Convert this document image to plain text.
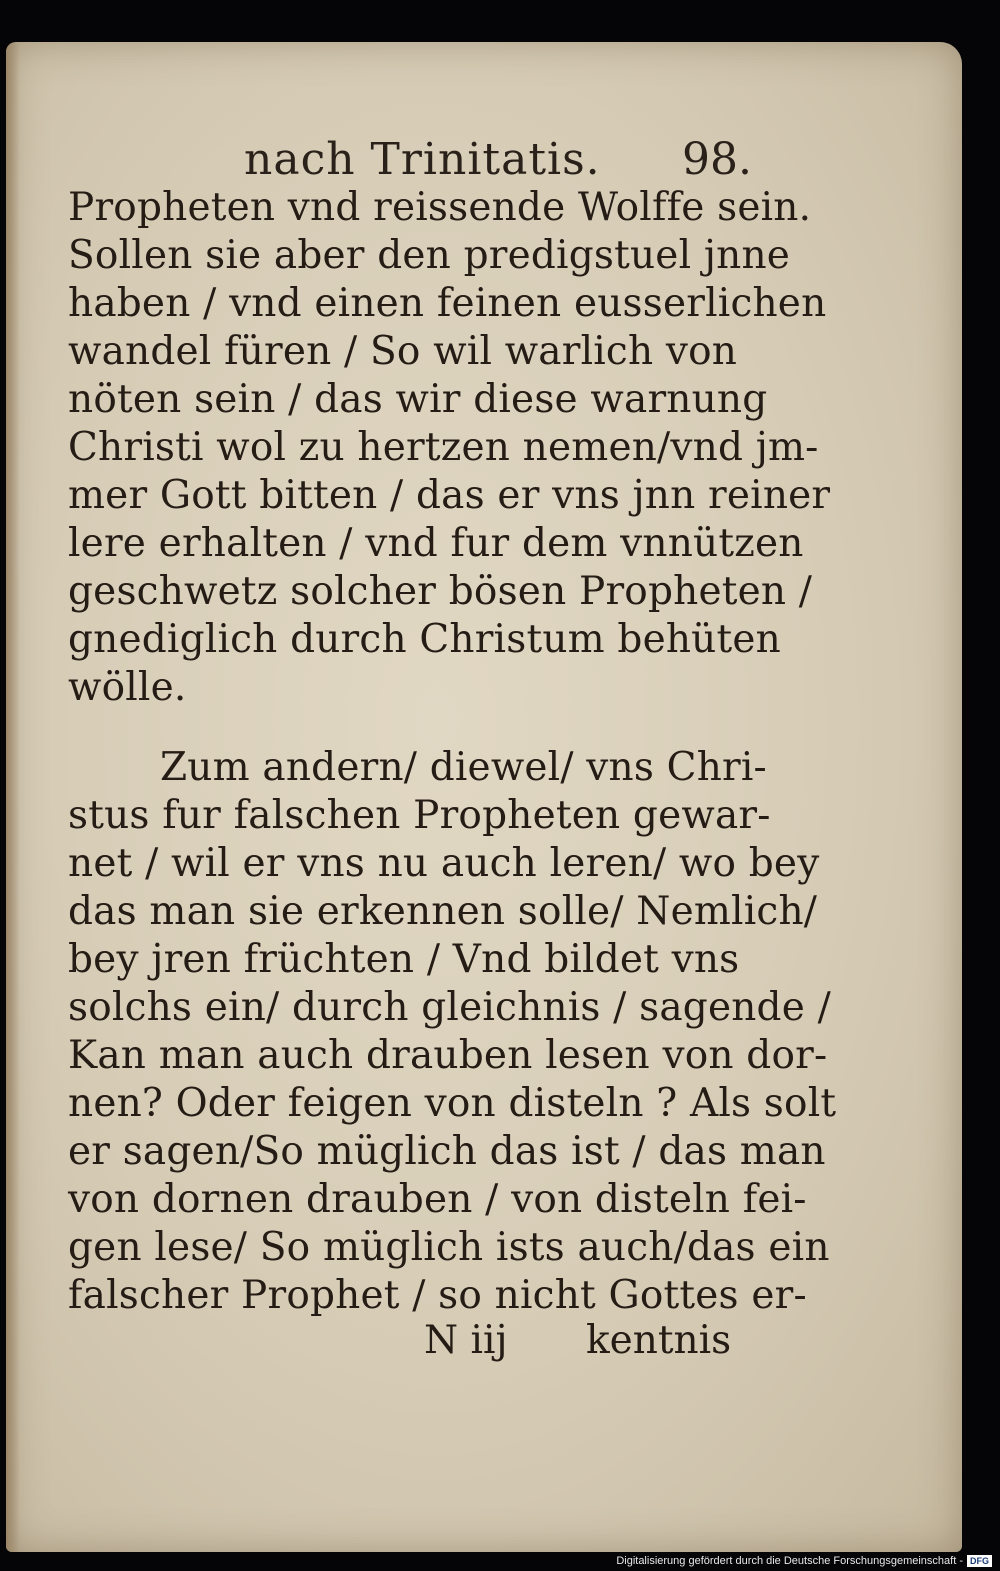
nach Trinitatis. 98.
Propheten vnd reissende Wolffe sein.
Sollen sie aber den predigstuel jnne
haben / vnd einen feinen eusserlichen
wandel füren / So wil warlich von
nöten sein / das wir diese warnung
Christi wol zu hertzen nemen/vnd jm-
mer Gott bitten / das er vns jnn reiner
lere erhalten / vnd fur dem vnnützen
geschwetz solcher bösen Propheten /
gnediglich durch Christum behüten
wölle.
Zum andern/ diewel/ vns Chri-
stus fur falschen Propheten gewar-
net / wil er vns nu auch leren/ wo bey
das man sie erkennen solle/ Nemlich/
bey jren früchten / Vnd bildet vns
solchs ein/ durch gleichnis / sagende /
Kan man auch drauben lesen von dor-
nen? Oder feigen von disteln ? Als solt
er sagen/So müglich das ist / das man
von dornen drauben / von disteln fei-
gen lese/ So müglich ists auch/das ein
falscher Prophet / so nicht Gottes er-
N iij kentnis
Digitalisierung gefördert durch die Deutsche Forschungsgemeinschaft - DFG
